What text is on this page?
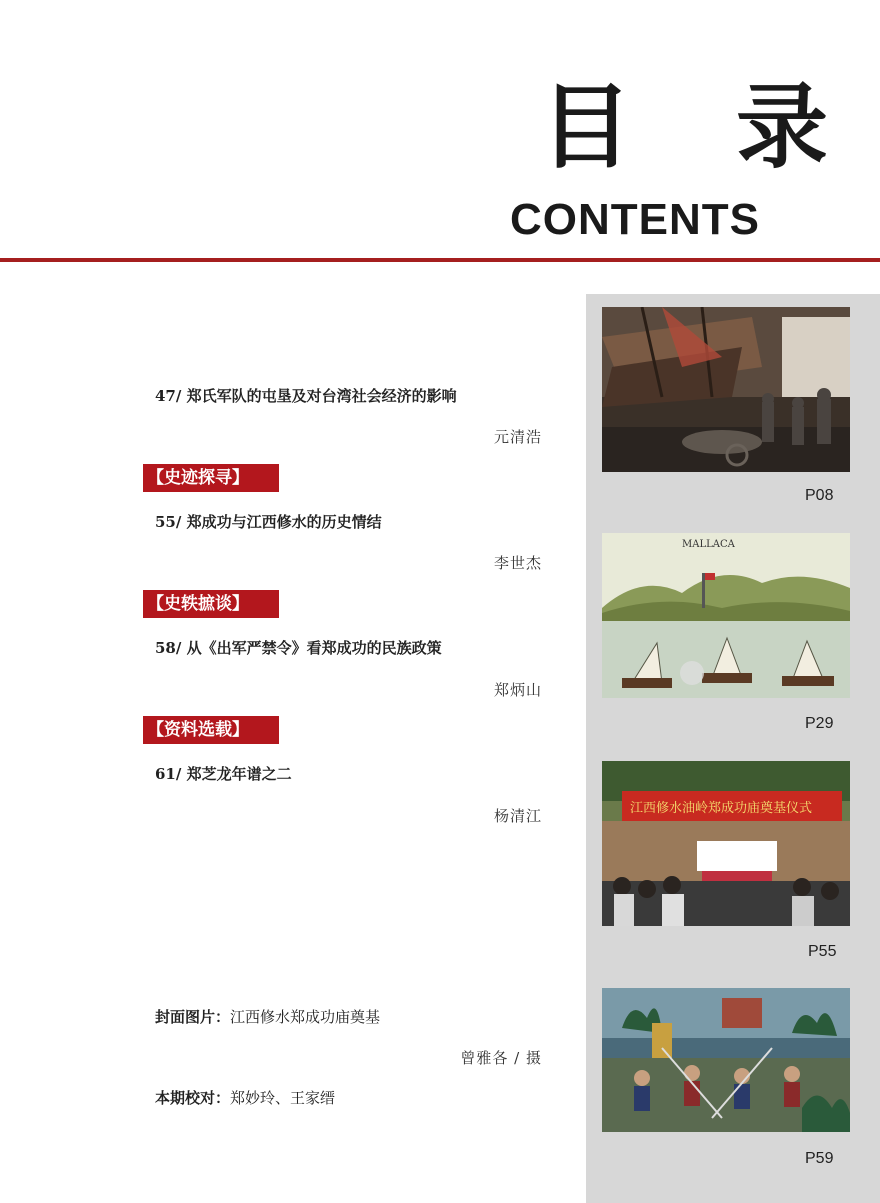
目 录
CONTENTS
47/ 郑氏军队的屯垦及对台湾社会经济的影响
元清浩
【史迹探寻】
55/ 郑成功与江西修水的历史情结
李世杰
【史轶摭谈】
58/ 从《出军严禁令》看郑成功的民族政策
郑炳山
【资料选载】
61/ 郑芝龙年谱之二
杨清江
封面图片：江西修水郑成功庙奠基
曾雅各 / 摄
本期校对：郑妙玲、王家缙
P08
MALLACA
P29
江西修水油岭郑成功庙奠基仪式
P55
P59
